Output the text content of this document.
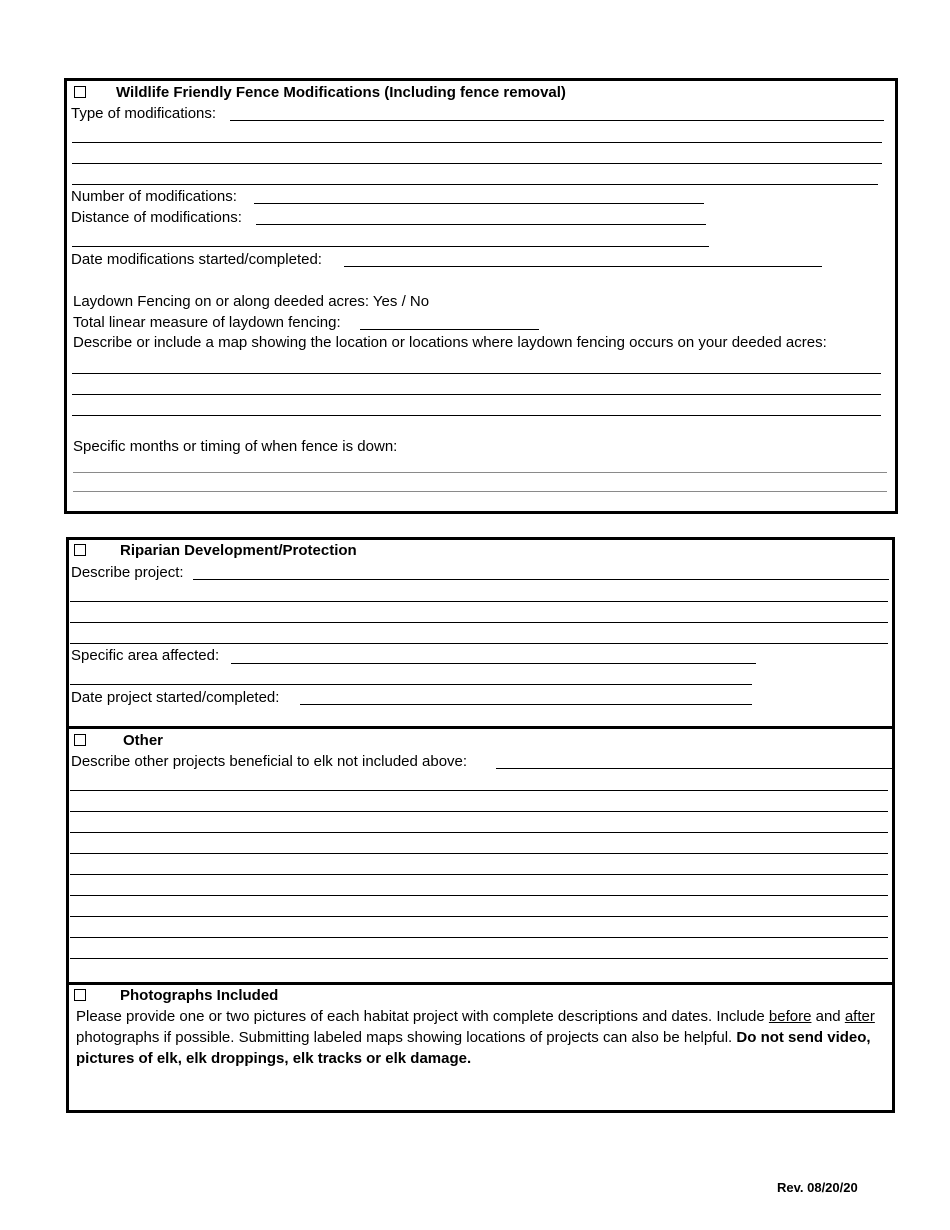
Wildlife Friendly Fence Modifications (Including fence removal)
Type of modifications:
Number of modifications:
Distance of modifications:
Date modifications started/completed:
Laydown Fencing on or along deeded acres: Yes / No
Total linear measure of laydown fencing:
Describe or include a map showing the location or locations where laydown fencing occurs on your deeded acres:
Specific months or timing of when fence is down:
Riparian Development/Protection
Describe project:
Specific area affected:
Date project started/completed:
Other
Describe other projects beneficial to elk not included above:
Photographs Included
Please provide one or two pictures of each habitat project with complete descriptions and dates. Include before and after photographs if possible. Submitting labeled maps showing locations of projects can also be helpful. Do not send video, pictures of elk, elk droppings, elk tracks or elk damage.
Rev. 08/20/20
